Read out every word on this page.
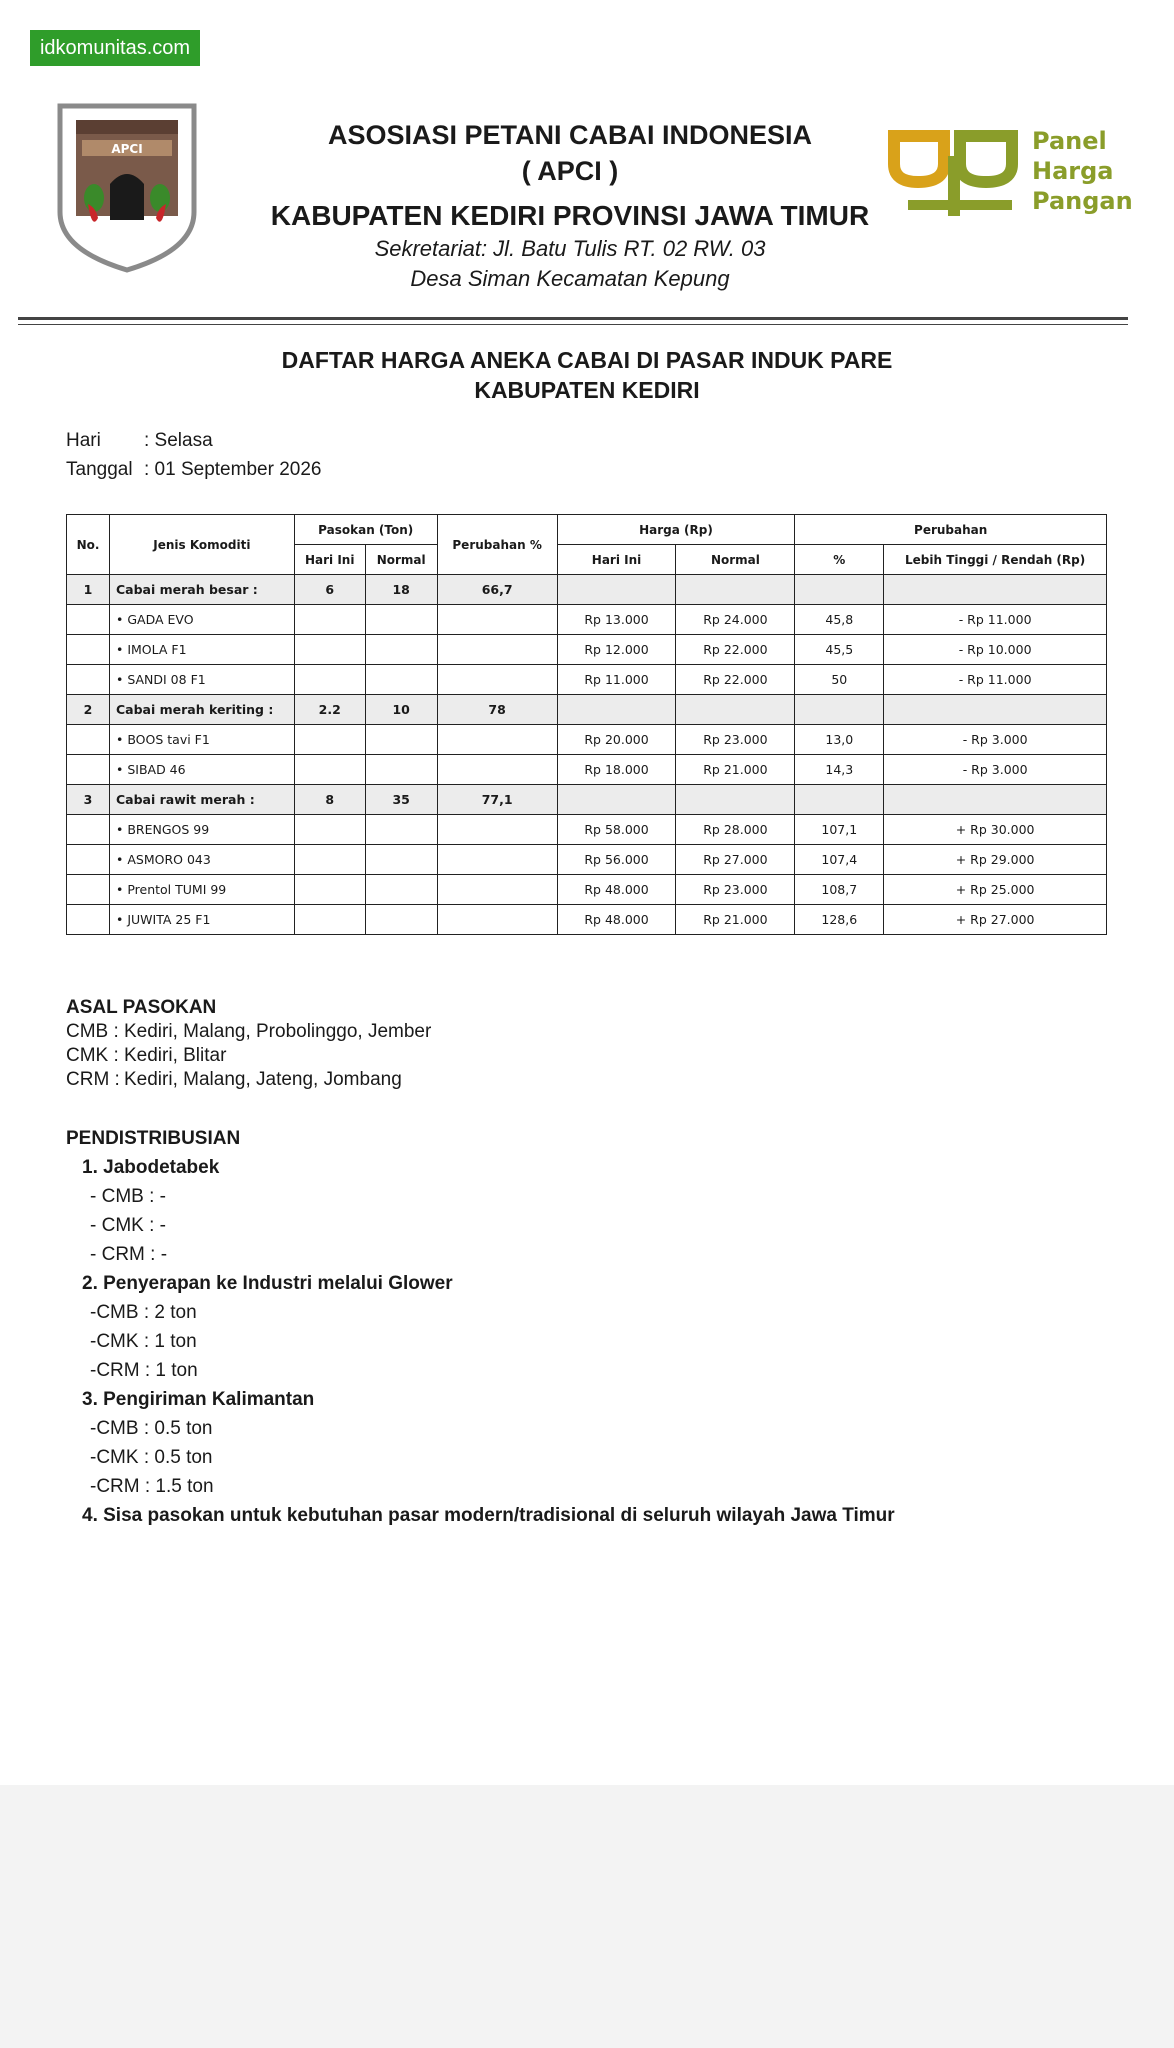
idkomunitas.com
APCI	Panel
Harga
Pangan
ASOSIASI PETANI CABAI INDONESIA
( APCI )
KABUPATEN KEDIRI PROVINSI JAWA TIMUR
Sekretariat: Jl. Batu Tulis RT. 02 RW. 03
Desa Siman Kecamatan Kepung
DAFTAR HARGA ANEKA CABAI DI PASAR INDUK PARE
KABUPATEN KEDIRI
Hari : Selasa
Tanggal : 01 September 2026
No.	Jenis Komoditi	Pasokan (Ton)		Perubahan %	Harga (Rp)		Perubahan	
		Hari Ini	Normal		Hari Ini	Normal	%	Lebih Tinggi / Rendah (Rp)
1	Cabai merah besar :	6	18	66,7				
	• GADA EVO				Rp 13.000	Rp 24.000	45,8	- Rp 11.000
	• IMOLA F1				Rp 12.000	Rp 22.000	45,5	- Rp 10.000
	• SANDI 08 F1				Rp 11.000	Rp 22.000	50	- Rp 11.000
2	Cabai merah keriting :	2.2	10	78				
	• BOOS tavi F1				Rp 20.000	Rp 23.000	13,0	- Rp 3.000
	• SIBAD 46				Rp 18.000	Rp 21.000	14,3	- Rp 3.000
3	Cabai rawit merah :	8	35	77,1				
	• BRENGOS 99				Rp 58.000	Rp 28.000	107,1	+ Rp 30.000
	• ASMORO 043				Rp 56.000	Rp 27.000	107,4	+ Rp 29.000
	• Prentol TUMI 99				Rp 48.000	Rp 23.000	108,7	+ Rp 25.000
	• JUWITA 25 F1				Rp 48.000	Rp 21.000	128,6	+ Rp 27.000
ASAL PASOKAN
CMB : Kediri, Malang, Probolinggo, Jember
CMK : Kediri, Blitar
CRM : Kediri, Malang, Jateng, Jombang
PENDISTRIBUSIAN
1. Jabodetabek
- CMB : -
- CMK : -
- CRM : -
2. Penyerapan ke Industri melalui Glower
-CMB : 2 ton
-CMK : 1 ton
-CRM : 1 ton
3. Pengiriman Kalimantan
-CMB : 0.5 ton
-CMK : 0.5 ton
-CRM : 1.5 ton
4. Sisa pasokan untuk kebutuhan pasar modern/tradisional di seluruh wilayah Jawa Timur
